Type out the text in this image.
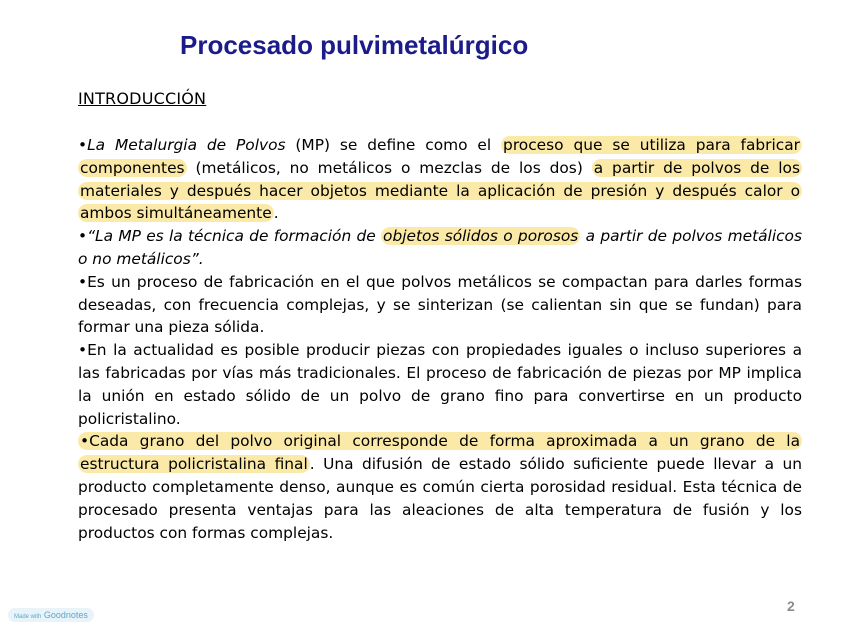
Procesado pulvimetalúrgico
INTRODUCCIÓN

•La Metalurgia de Polvos (MP) se define como el proceso que se utiliza para fabricar componentes (metálicos, no metálicos o mezclas de los dos) a partir de polvos de los materiales y después hacer objetos mediante la aplicación de presión y después calor o ambos simultáneamente .

•“La MP es la técnica de formación de objetos sólidos o porosos a partir de polvos metálicos o no metálicos”.

•Es un proceso de fabricación en el que polvos metálicos se compactan para darles formas deseadas, con frecuencia complejas, y se sinterizan (se calientan sin que se fundan) para formar una pieza sólida.

•En la actualidad es posible producir piezas con propiedades iguales o incluso superiores a las fabricadas por vías más tradicionales. El proceso de fabricación de piezas por MP implica la unión en estado sólido de un polvo de grano fino para convertirse en un producto policristalino.

•Cada grano del polvo original corresponde de forma aproximada a un grano de la estructura policristalina final . Una difusión de estado sólido suficiente puede llevar a un producto completamente denso, aunque es común cierta porosidad residual. Esta técnica de procesado presenta ventajas para las aleaciones de alta temperatura de fusión y los productos con formas complejas.

2
Made with Goodnotes
